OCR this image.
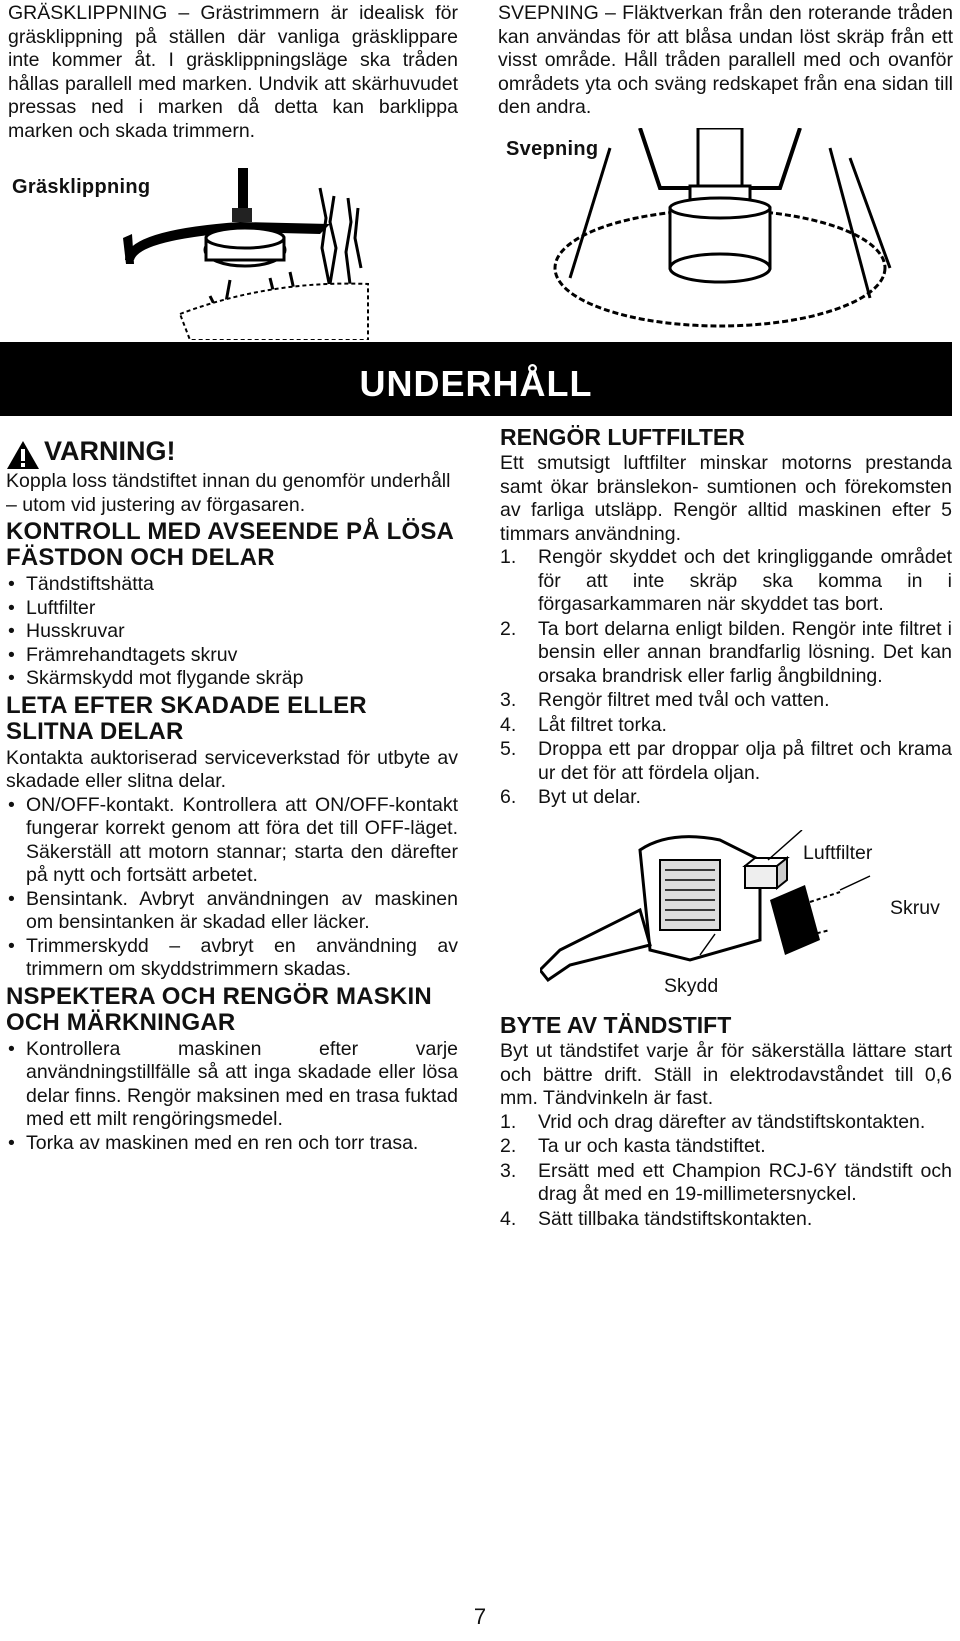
GRÄSKLIPPNING – Grästrimmern är idealisk för gräsklippning på ställen där vanliga gräsklippare inte kommer åt. I gräsklippningsläge ska tråden hållas parallell med marken. Undvik att skärhuvudet pressas ned i marken då detta kan barklippa marken och skada trimmern.
Gräsklippning
SVEPNING – Fläktverkan från den roterande tråden kan användas för att blåsa undan löst skräp från ett visst område. Håll tråden parallell med och ovanför områdets yta och sväng redskapet från ena sidan till den andra.
Svepning
UNDERHÅLL
VARNING!
Koppla loss tändstiftet innan du genomför underhåll – utom vid justering av förgasaren.
KONTROLL MED AVSEENDE PÅ LÖSA FÄSTDON OCH DELAR
• Tändstiftshätta
• Luftfilter
• Husskruvar
• Främrehandtagets skruv
• Skärmskydd mot flygande skräp
LETA EFTER SKADADE ELLER SLITNA DELAR
Kontakta auktoriserad serviceverkstad för utbyte av skadade eller slitna delar.
• ON/OFF-kontakt. Kontrollera att ON/OFF-kontakt fungerar korrekt genom att föra det till OFF-läget. Säkerställ att motorn stannar; starta den därefter på nytt och fortsätt arbetet.
• Bensintank. Avbryt användningen av maskinen om bensintanken är skadad eller läcker.
• Trimmerskydd – avbryt en användning av trimmern om skyddstrimmern skadas.
NSPEKTERA OCH RENGÖR MASKIN OCH MÄRKNINGAR
• Kontrollera maskinen efter varje användningstillfälle så att inga skadade eller lösa delar finns. Rengör maksinen med en trasa fuktad med ett milt rengöringsmedel.
• Torka av maskinen med en ren och torr trasa.
RENGÖR LUFTFILTER
Ett smutsigt luftfilter minskar motorns prestanda samt ökar bränslekon- sumtionen och förekomsten av farliga utsläpp. Rengör alltid maskinen efter 5 timmars användning.
1.	Rengör skyddet och det kringliggande området för att inte skräp ska komma in i förgasarkammaren när skyddet tas bort.
2.	Ta bort delarna enligt bilden. Rengör inte filtret i bensin eller annan brandfarlig lösning. Det kan orsaka brandrisk eller farlig ångbildning.
3.	Rengör filtret med tvål och vatten.
4.	Låt filtret torka.
5.	Droppa ett par droppar olja på filtret och krama ur det för att fördela oljan.
6.	Byt ut delar.
Luftfilter
Skruv
Skydd
BYTE AV TÄNDSTIFT
Byt ut tändstifet varje år för säkerställa lättare start och bättre drift. Ställ in elektrodavståndet till 0,6 mm. Tändvinkeln är fast.
1.	Vrid och drag därefter av tändstiftskontakten.
2.	Ta ur och kasta tändstiftet.
3.	Ersätt med ett Champion RCJ-6Y tändstift och drag åt med en 19-millimetersnyckel.
4.	Sätt tillbaka tändstiftskontakten.
7
